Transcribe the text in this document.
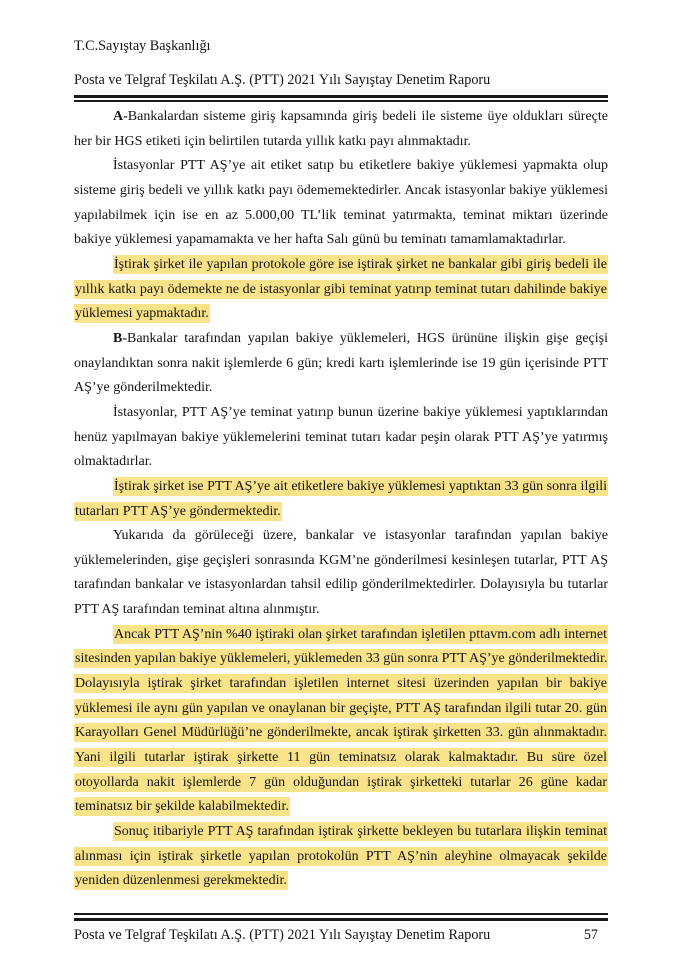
T.C.Sayıştay Başkanlığı

Posta ve Telgraf Teşkilatı A.Ş. (PTT) 2021 Yılı Sayıştay Denetim Raporu

A-Bankalardan sisteme giriş kapsamında giriş bedeli ile sisteme üye oldukları süreçte her bir HGS etiketi için belirtilen tutarda yıllık katkı payı alınmaktadır.

İstasyonlar PTT AŞ’ye ait etiket satıp bu etiketlere bakiye yüklemesi yapmakta olup sisteme giriş bedeli ve yıllık katkı payı ödememektedirler. Ancak istasyonlar bakiye yüklemesi yapılabilmek için ise en az 5.000,00 TL’lik teminat yatırmakta, teminat miktarı üzerinde bakiye yüklemesi yapamamakta ve her hafta Salı günü bu teminatı tamamlamaktadırlar.

İştirak şirket ile yapılan protokole göre ise iştirak şirket ne bankalar gibi giriş bedeli ile yıllık katkı payı ödemekte ne de istasyonlar gibi teminat yatırıp teminat tutarı dahilinde bakiye yüklemesi yapmaktadır.

B-Bankalar tarafından yapılan bakiye yüklemeleri, HGS ürününe ilişkin gişe geçişi onaylandıktan sonra nakit işlemlerde 6 gün; kredi kartı işlemlerinde ise 19 gün içerisinde PTT AŞ’ye gönderilmektedir.

İstasyonlar, PTT AŞ’ye teminat yatırıp bunun üzerine bakiye yüklemesi yaptıklarından henüz yapılmayan bakiye yüklemelerini teminat tutarı kadar peşin olarak PTT AŞ’ye yatırmış olmaktadırlar.

İştirak şirket ise PTT AŞ’ye ait etiketlere bakiye yüklemesi yaptıktan 33 gün sonra ilgili tutarları PTT AŞ’ye göndermektedir.

Yukarıda da görüleceği üzere, bankalar ve istasyonlar tarafından yapılan bakiye yüklemelerinden, gişe geçişleri sonrasında KGM’ne gönderilmesi kesinleşen tutarlar, PTT AŞ tarafından bankalar ve istasyonlardan tahsil edilip gönderilmektedirler. Dolayısıyla bu tutarlar PTT AŞ tarafından teminat altına alınmıştır.

Ancak PTT AŞ’nin %40 iştiraki olan şirket tarafından işletilen pttavm.com adlı internet sitesinden yapılan bakiye yüklemeleri, yüklemeden 33 gün sonra PTT AŞ’ye gönderilmektedir. Dolayısıyla iştirak şirket tarafından işletilen internet sitesi üzerinden yapılan bir bakiye yüklemesi ile aynı gün yapılan ve onaylanan bir geçişte, PTT AŞ tarafından ilgili tutar 20. gün Karayolları Genel Müdürlüğü’ne gönderilmekte, ancak iştirak şirketten 33. gün alınmaktadır. Yani ilgili tutarlar iştirak şirkette 11 gün teminatsız olarak kalmaktadır. Bu süre özel otoyollarda nakit işlemlerde 7 gün olduğundan iştirak şirketteki tutarlar 26 güne kadar teminatsız bir şekilde kalabilmektedir.

Sonuç itibariyle PTT AŞ tarafından iştirak şirkette bekleyen bu tutarlara ilişkin teminat alınması için iştirak şirketle yapılan protokolün PTT AŞ’nin aleyhine olmayacak şekilde yeniden düzenlenmesi gerekmektedir.

Posta ve Telgraf Teşkilatı A.Ş. (PTT) 2021 Yılı Sayıştay Denetim Raporu	57
